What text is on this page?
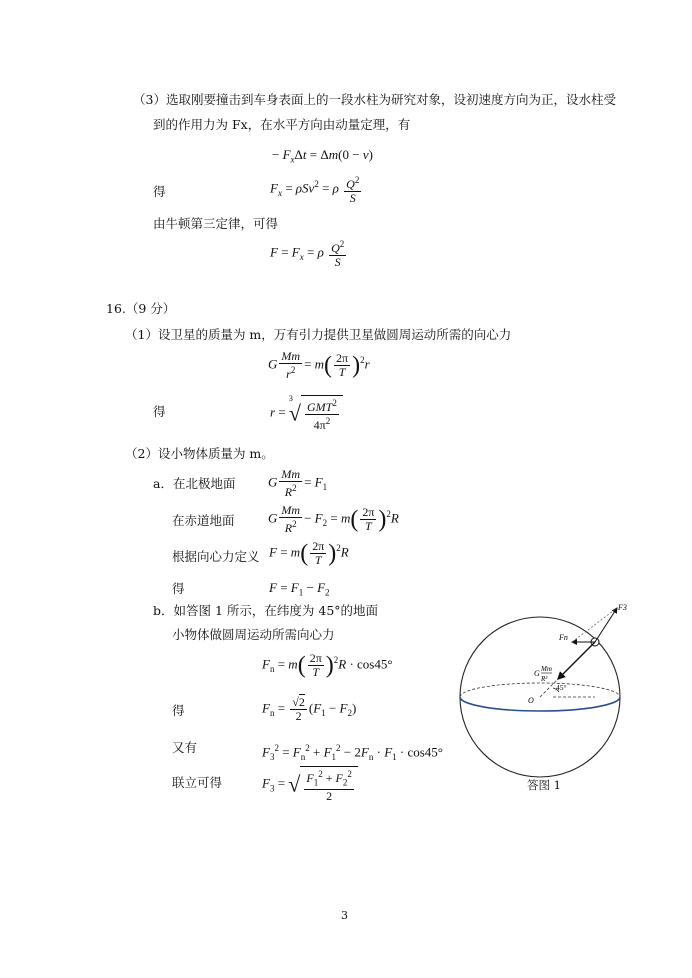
（3）选取刚要撞击到车身表面上的一段水柱为研究对象，设初速度方向为正，设水柱受
到的作用力为 Fx，在水平方向由动量定理，有
− $F_x\Delta t = \Delta m(0 - v)$
得	$F_x = \rho Sv^2 = \rho \frac{Q^2}{S}$
由牛顿第三定律，可得
$F = F_x = \rho \frac{Q^2}{S}$
16.（9 分）
（1）设卫星的质量为 m，万有引力提供卫星做圆周运动所需的向心力
G $\frac{Mm}{r^2} = m( \frac{2\pi}{T} )^2r$
得	$r = ^3√ \frac{GMT^2}{4\pi^2}$
（2）设小物体质量为 m。
a．在北极地面	G $\frac{Mm}{R^2} = F_1$
在赤道地面	G $\frac{Mm}{R^2} - F_2 = m( \frac{2\pi}{T} )^2R$
根据向心力定义 $F = m( \frac{2\pi}{T} )^2R$
得	$F = F_1 - F_2$
b．如答图 1 所示，在纬度为 45°的地面
小物体做圆周运动所需向心力
$F_n = m( \frac{2\pi}{T} )^2R \cdot \cos 45^\circ$
得	$F_n = \frac{√2}{2} (F_1 - F_2)$
又有	$F_3^2 = F_n^2 + F_1^2 - 2F_n \cdot F_1 \cdot \cos 45^\circ$
联立可得	$F_3$ = √ $\frac{F_1^2 + F_2^2}{2}$
F3
Fn
G Mm
R²
45°
O
答图 1
3
